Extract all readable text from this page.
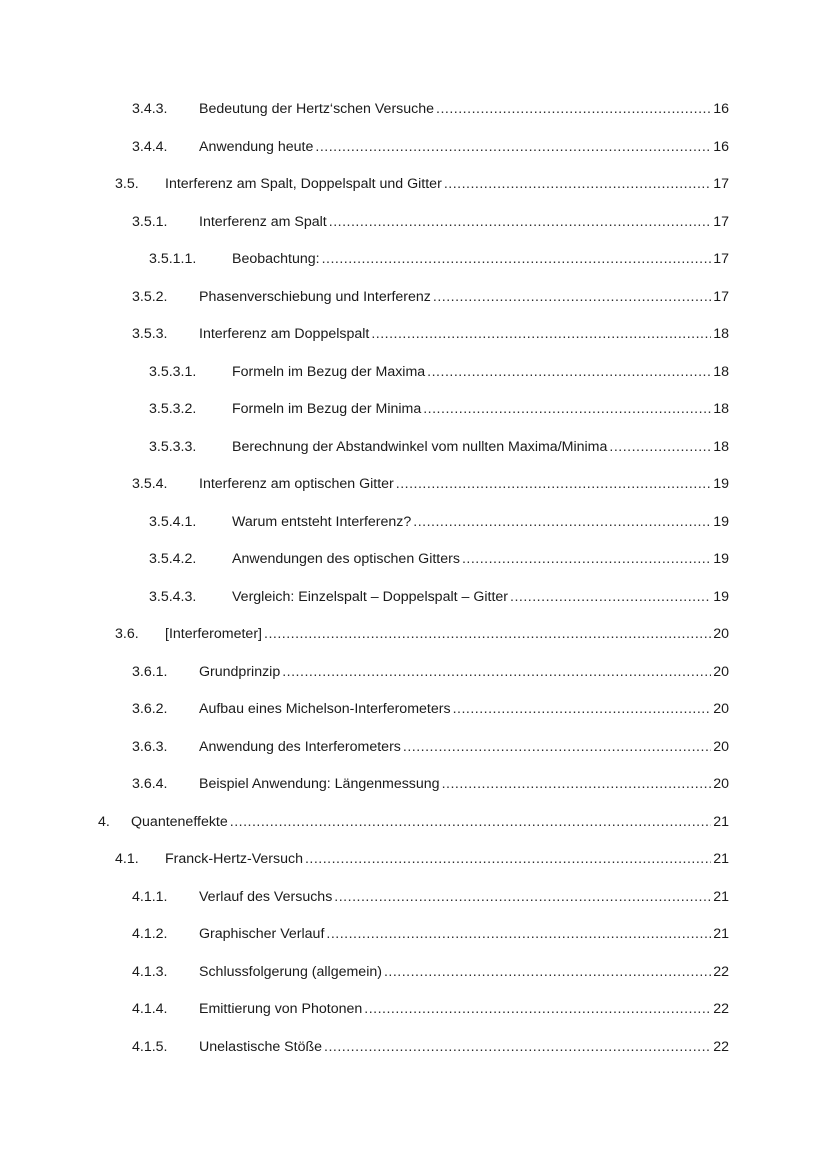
3.4.3.	Bedeutung der Hertz‘schen Versuche .....	16
3.4.4.	Anwendung heute .....	16
3.5.	Interferenz am Spalt, Doppelspalt und Gitter .....	17
3.5.1.	Interferenz am Spalt .....	17
3.5.1.1.	Beobachtung: .....	17
3.5.2.	Phasenverschiebung und Interferenz .....	17
3.5.3.	Interferenz am Doppelspalt .....	18
3.5.3.1.	Formeln im Bezug der Maxima .....	18
3.5.3.2.	Formeln im Bezug der Minima .....	18
3.5.3.3.	Berechnung der Abstandwinkel vom nullten Maxima/Minima .....	18
3.5.4.	Interferenz am optischen Gitter .....	19
3.5.4.1.	Warum entsteht Interferenz? .....	19
3.5.4.2.	Anwendungen des optischen Gitters .....	19
3.5.4.3.	Vergleich: Einzelspalt – Doppelspalt – Gitter .....	19
3.6.	[Interferometer] .....	20
3.6.1.	Grundprinzip .....	20
3.6.2.	Aufbau eines Michelson-Interferometers .....	20
3.6.3.	Anwendung des Interferometers .....	20
3.6.4.	Beispiel Anwendung: Längenmessung .....	20
4.	Quanteneffekte .....	21
4.1.	Franck-Hertz-Versuch .....	21
4.1.1.	Verlauf des Versuchs .....	21
4.1.2.	Graphischer Verlauf .....	21
4.1.3.	Schlussfolgerung (allgemein) .....	22
4.1.4.	Emittierung von Photonen .....	22
4.1.5.	Unelastische Stöße .....	22
